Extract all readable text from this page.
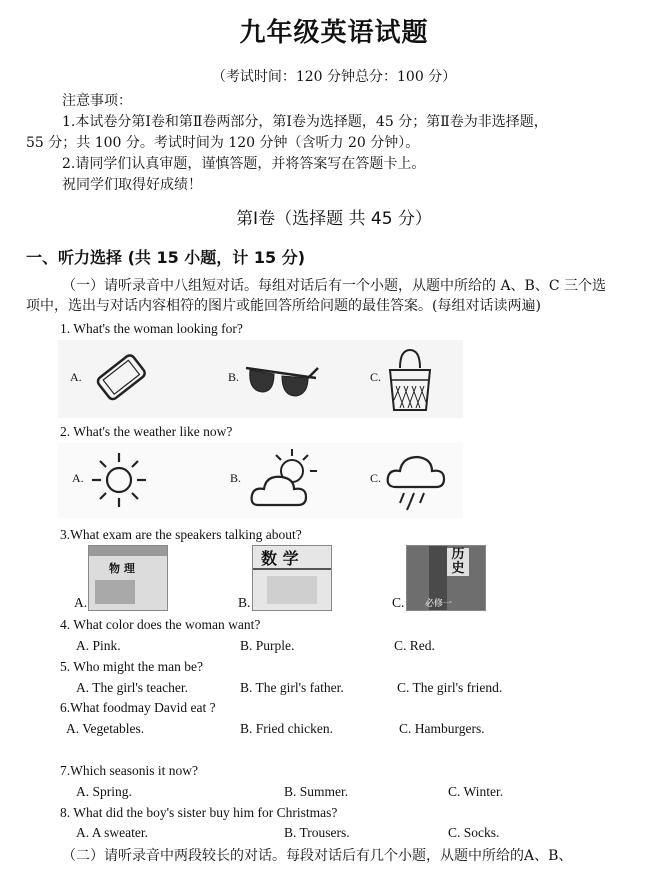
九年级英语试题
（考试时间：120 分钟总分：100 分）
注意事项：
1.本试卷分第Ⅰ卷和第Ⅱ卷两部分，第Ⅰ卷为选择题，45 分；第Ⅱ卷为非选择题，
55 分；共 100 分。考试时间为 120 分钟（含听力 20 分钟）。
2.请同学们认真审题，谨慎答题，并将答案写在答题卡上。
祝同学们取得好成绩！
第Ⅰ卷（选择题 共 45 分）
一、听力选择 (共 15 小题，计 15 分)
（一）请听录音中八组短对话。每组对话后有一个小题，从题中所给的 A、B、C 三个选
项中，选出与对话内容相符的图片或能回答所给问题的最佳答案。(每组对话读两遍)
1. What's the woman looking for?
A.	B.	C.
2. What's the weather like now?
A.	B.	C.
3.What exam are the speakers talking about?
A.
物 理
B.
数 学
C.
历 史
必修一
4. What color does the woman want?
A. Pink.	B. Purple.	C. Red.
5. Who might the man be?
A. The girl's teacher.	B. The girl's father.	C. The girl's friend.
6.What foodmay David eat ?
A. Vegetables.	B. Fried chicken.	C. Hamburgers.
7.Which seasonis it now?
A. Spring.	B. Summer.	C. Winter.
8. What did the boy's sister buy him for Christmas?
A. A sweater.	B. Trousers.	C. Socks.
（二）请听录音中两段较长的对话。每段对话后有几个小题，从题中所给的A、B、
